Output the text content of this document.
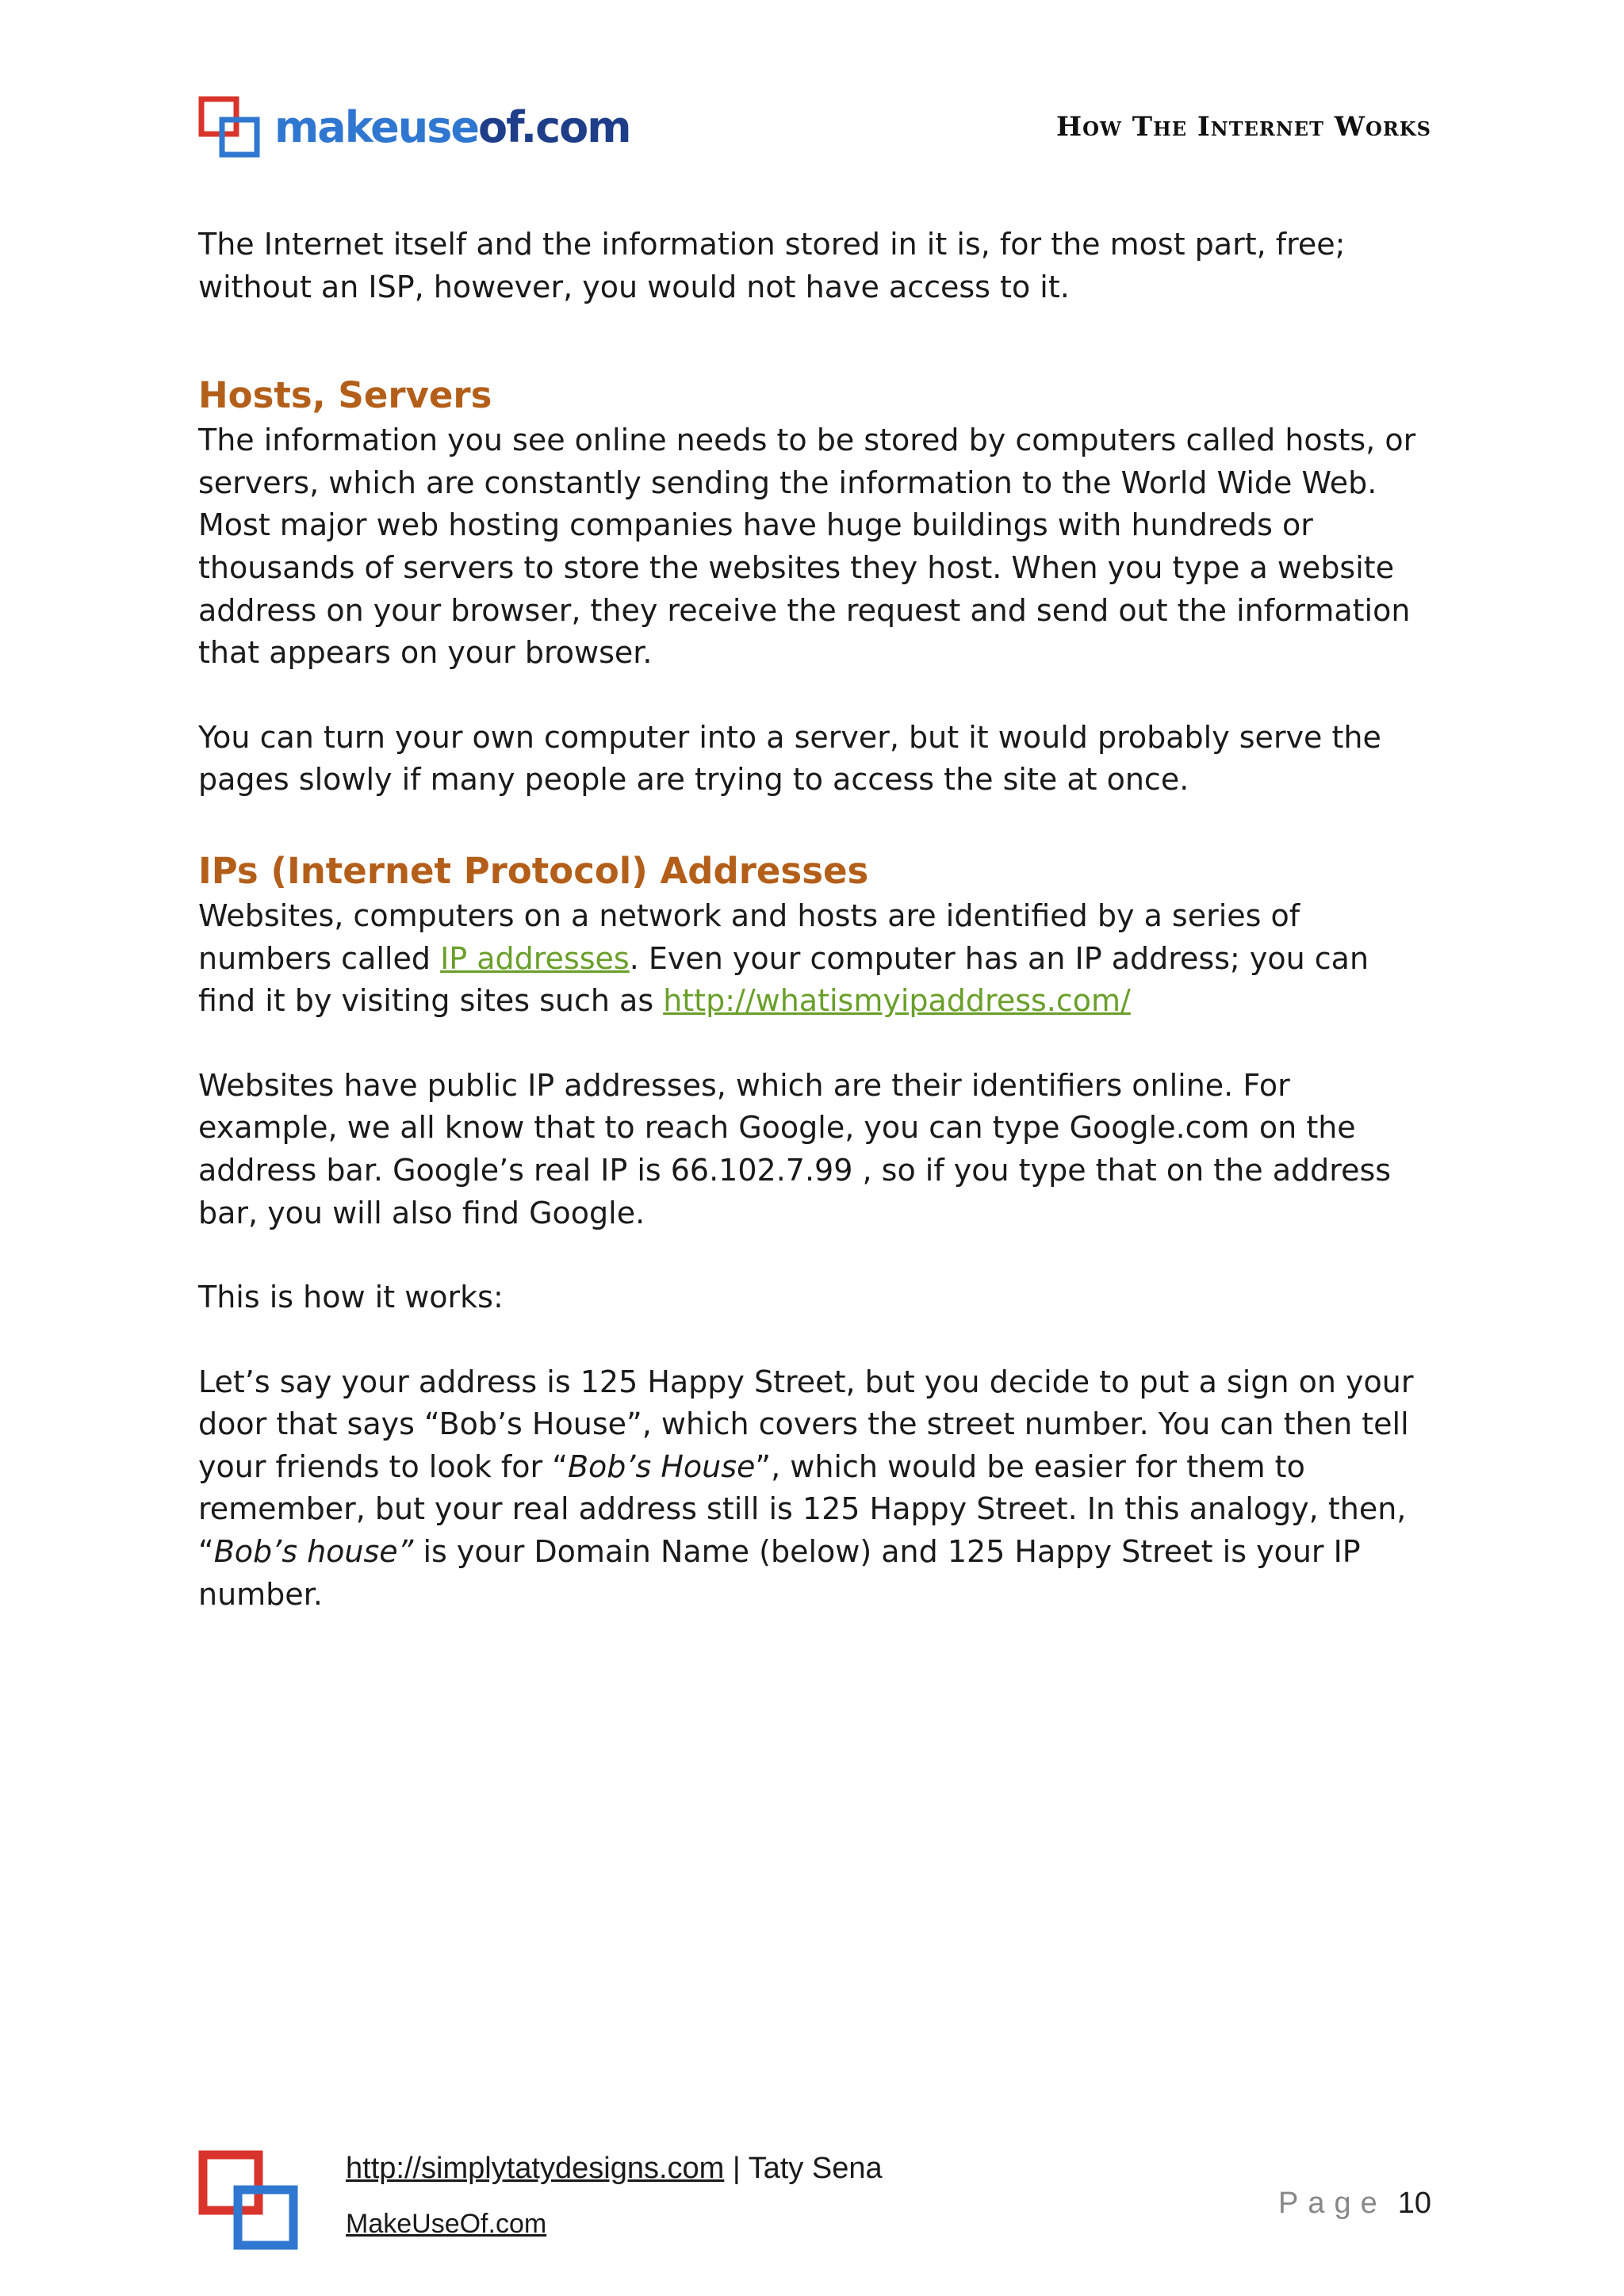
makeuseof.com	How The Internet Works

The Internet itself and the information stored in it is, for the most part, free; without an ISP, however, you would not have access to it.

Hosts, Servers

The information you see online needs to be stored by computers called hosts, or servers, which are constantly sending the information to the World Wide Web. Most major web hosting companies have huge buildings with hundreds or thousands of servers to store the websites they host. When you type a website address on your browser, they receive the request and send out the information that appears on your browser.

You can turn your own computer into a server, but it would probably serve the pages slowly if many people are trying to access the site at once.

IPs (Internet Protocol) Addresses

Websites, computers on a network and hosts are identified by a series of numbers called IP addresses. Even your computer has an IP address; you can find it by visiting sites such as http://whatismyipaddress.com/

Websites have public IP addresses, which are their identifiers online. For example, we all know that to reach Google, you can type Google.com on the address bar. Google’s real IP is 66.102.7.99 , so if you type that on the address bar, you will also find Google.

This is how it works:

Let’s say your address is 125 Happy Street, but you decide to put a sign on your door that says “Bob’s House”, which covers the street number. You can then tell your friends to look for “Bob’s House”, which would be easier for them to remember, but your real address still is 125 Happy Street. In this analogy, then, “Bob’s house” is your Domain Name (below) and 125 Happy Street is your IP number.

http://simplytatydesigns.com | Taty Sena
MakeUseOf.com
Page 10
